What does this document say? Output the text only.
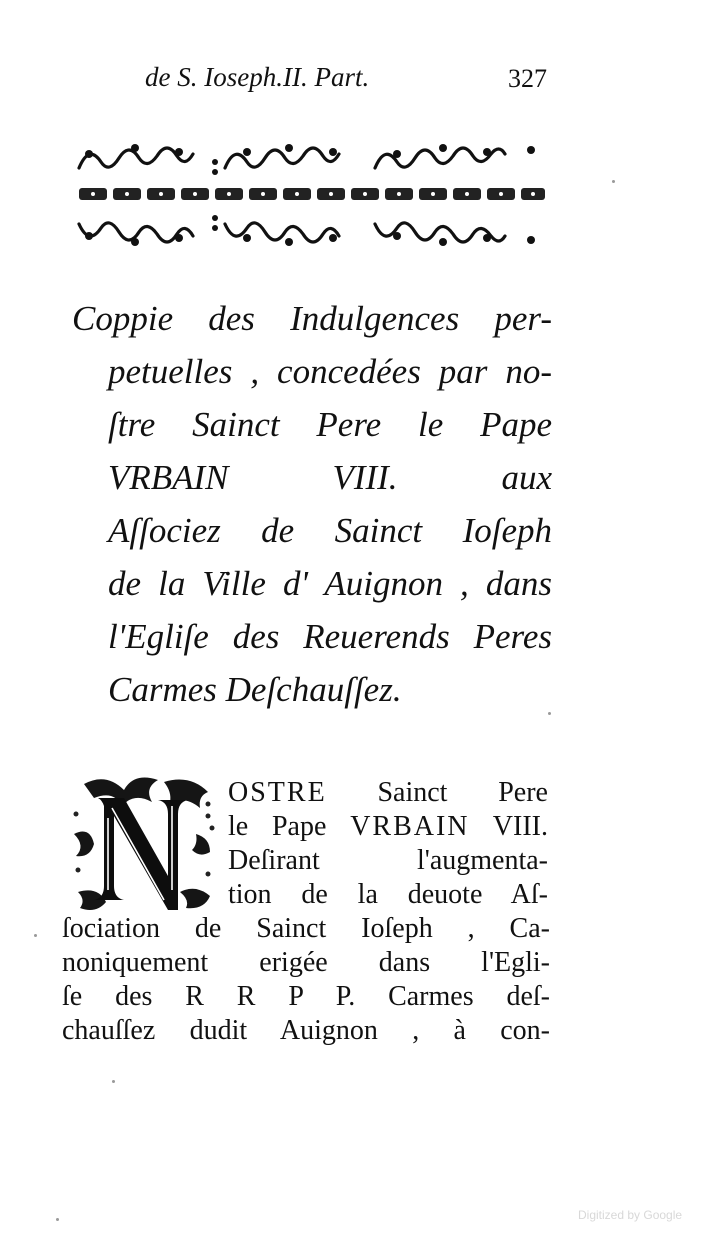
de S. Ioseph.II. Part.	327
Coppie des Indulgences per-
petuelles , concedées par no-
ſtre Sainct Pere le Pape
VRBAIN VIII. aux
Aſſociez de Sainct Ioſeph
de la Ville d' Auignon , dans
l'Egliſe des Reuerends Peres
Carmes Deſchauſſez.
OSTRE Sainct Pere
le Pape VRBAIN VIII.
Deſirant l'augmenta-
tion de la deuote Aſ-
ſociation de Sainct Ioſeph , Ca-
noniquement erigée dans l'Egli-
ſe des R R P P. Carmes deſ-
chauſſez dudit Auignon , à con-
Digitized by Google
